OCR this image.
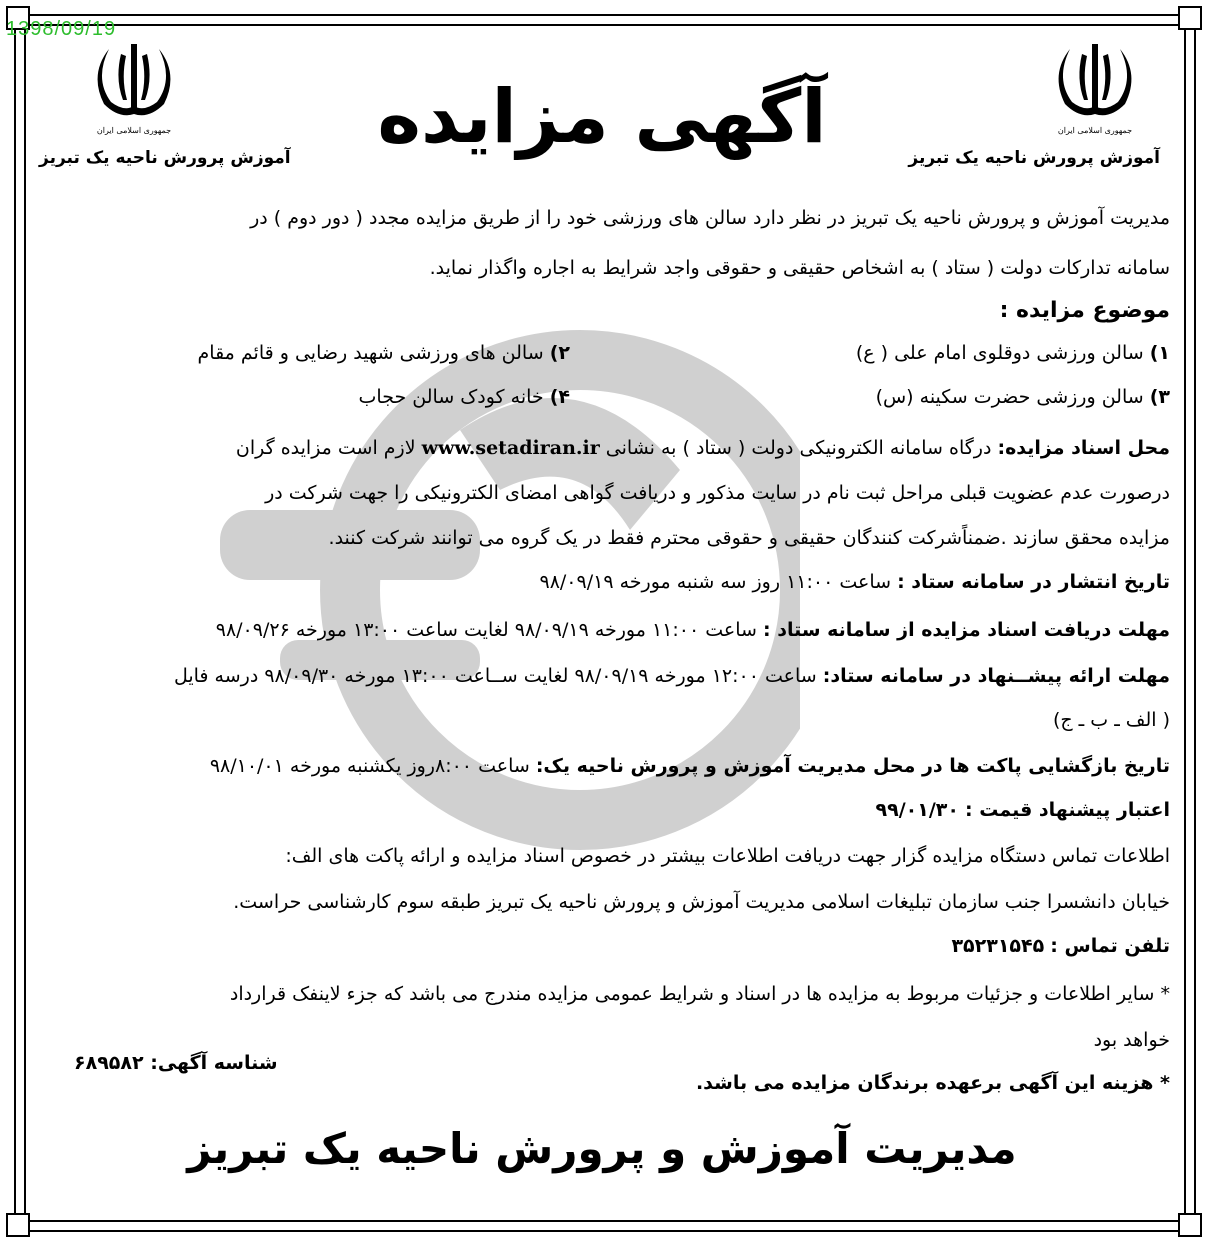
1398/09/19
جمهوری اسلامی ایران
جمهوری اسلامی ایران
آموزش پرورش ناحیه یک تبریز
آموزش پرورش ناحیه یک تبریز	آگهی مزایده
مدیریت آموزش و پرورش ناحیه یک تبریز در نظر دارد سالن های ورزشی خود را از طریق مزایده مجدد ( دور دوم ) در
سامانه تدارکات دولت ( ستاد ) به اشخاص حقیقی و حقوقی واجد شرایط به اجاره واگذار نماید.
موضوع مزایده :
۱) سالن ورزشی دوقلوی امام علی ( ع)
۲) سالن های ورزشی شهید رضایی و قائم مقام
۳) سالن ورزشی حضرت سکینه (س)
۴) خانه کودک سالن حجاب
محل اسناد مزایده: درگاه سامانه الکترونیکی دولت ( ستاد ) به نشانی www.setadiran.ir لازم است مزایده گران
درصورت عدم عضویت قبلی مراحل ثبت نام در سایت مذکور و دریافت گواهی امضای الکترونیکی را جهت شرکت در
مزایده محقق سازند .ضمناًشرکت کنندگان حقیقی و حقوقی محترم فقط در یک گروه می توانند شرکت کنند.
تاریخ انتشار در سامانه ستاد : ساعت ۱۱:۰۰ روز سه شنبه مورخه ۹۸/۰۹/۱۹
مهلت دریافت اسناد مزایده از سامانه ستاد : ساعت ۱۱:۰۰ مورخه ۹۸/۰۹/۱۹ لغایت ساعت ۱۳:۰۰ مورخه ۹۸/۰۹/۲۶
مهلت ارائه پیشــنهاد در سامانه ستاد: ساعت ۱۲:۰۰ مورخه ۹۸/۰۹/۱۹ لغایت ســاعت ۱۳:۰۰ مورخه ۹۸/۰۹/۳۰ درسه فایل
( الف ـ ب ـ ج)
تاریخ بازگشایی پاکت ها در محل مدیریت آموزش و پرورش ناحیه یک: ساعت ۸:۰۰روز یکشنبه مورخه ۹۸/۱۰/۰۱
اعتبار پیشنهاد قیمت : ۹۹/۰۱/۳۰
اطلاعات تماس دستگاه مزایده گزار جهت دریافت اطلاعات بیشتر در خصوص اسناد مزایده و ارائه پاکت های الف:
خیابان دانشسرا جنب سازمان تبلیغات اسلامی مدیریت آموزش و پرورش ناحیه یک تبریز طبقه سوم کارشناسی حراست.
تلفن تماس : ۳۵۲۳۱۵۴۵
* سایر اطلاعات و جزئیات مربوط به مزایده ها در اسناد و شرایط عمومی مزایده مندرج می باشد که جزء لاینفک قرارداد
خواهد بود
* هزینه این آگهی برعهده برندگان مزایده می باشد.
شناسه آگهی: ۶۸۹۵۸۲
مدیریت آموزش و پرورش ناحیه یک تبریز
